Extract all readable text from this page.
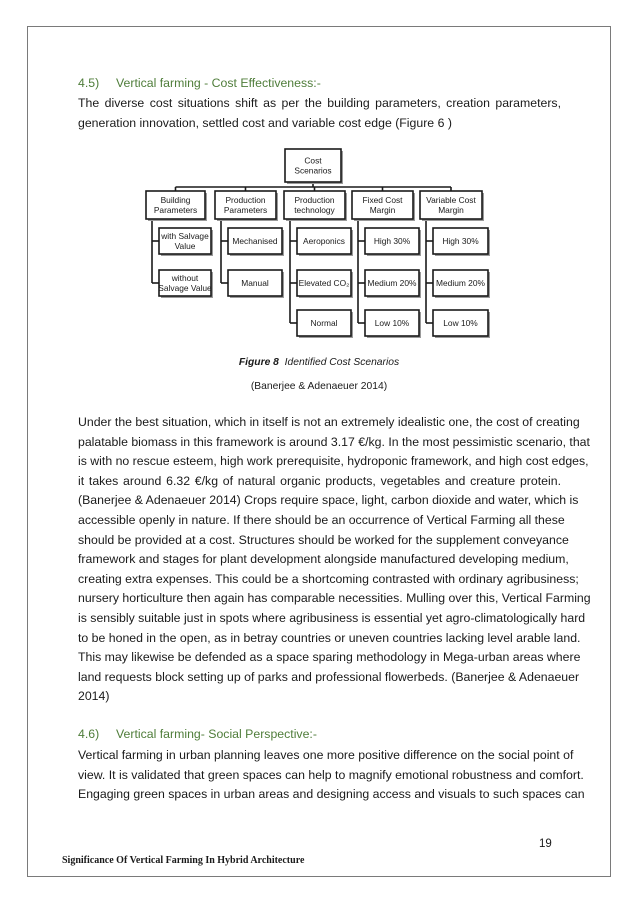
4.5) Vertical farming - Cost Effectiveness:-
The diverse cost situations shift as per the building parameters, creation parameters,
generation innovation, settled cost and variable cost edge (Figure 6 )
Cost
Scenarios
Building
Parameters
with Salvage
Value
without
Salvage Value
Production
Parameters
Mechanised
Manual
Production
technology
Aeroponics
Elevated CO₂
Normal
Fixed Cost
Margin
High 30%
Medium 20%
Low 10%
Variable Cost
Margin
High 30%
Medium 20%
Low 10%
Figure 8 Identified Cost Scenarios
(Banerjee & Adenaeuer 2014)
Under the best situation, which in itself is not an extremely idealistic one, the cost of creating
palatable biomass in this framework is around 3.17 €/kg. In the most pessimistic scenario, that
is with no rescue esteem, high work prerequisite, hydroponic framework, and high cost edges,
it takes around 6.32 €/kg of natural organic products, vegetables and creature protein.
(Banerjee & Adenaeuer 2014) Crops require space, light, carbon dioxide and water, which is
accessible openly in nature. If there should be an occurrence of Vertical Farming all these
should be provided at a cost. Structures should be worked for the supplement conveyance
framework and stages for plant development alongside manufactured developing medium,
creating extra expenses. This could be a shortcoming contrasted with ordinary agribusiness;
nursery horticulture then again has comparable necessities. Mulling over this, Vertical Farming
is sensibly suitable just in spots where agribusiness is essential yet agro-climatologically hard
to be honed in the open, as in betray countries or uneven countries lacking level arable land.
This may likewise be defended as a space sparing methodology in Mega-urban areas where
land requests block setting up of parks and professional flowerbeds. (Banerjee & Adenaeuer
2014)
4.6) Vertical farming- Social Perspective:-
Vertical farming in urban planning leaves one more positive difference on the social point of
view. It is validated that green spaces can help to magnify emotional robustness and comfort.
Engaging green spaces in urban areas and designing access and visuals to such spaces can
19
Significance Of Vertical Farming In Hybrid Architecture
